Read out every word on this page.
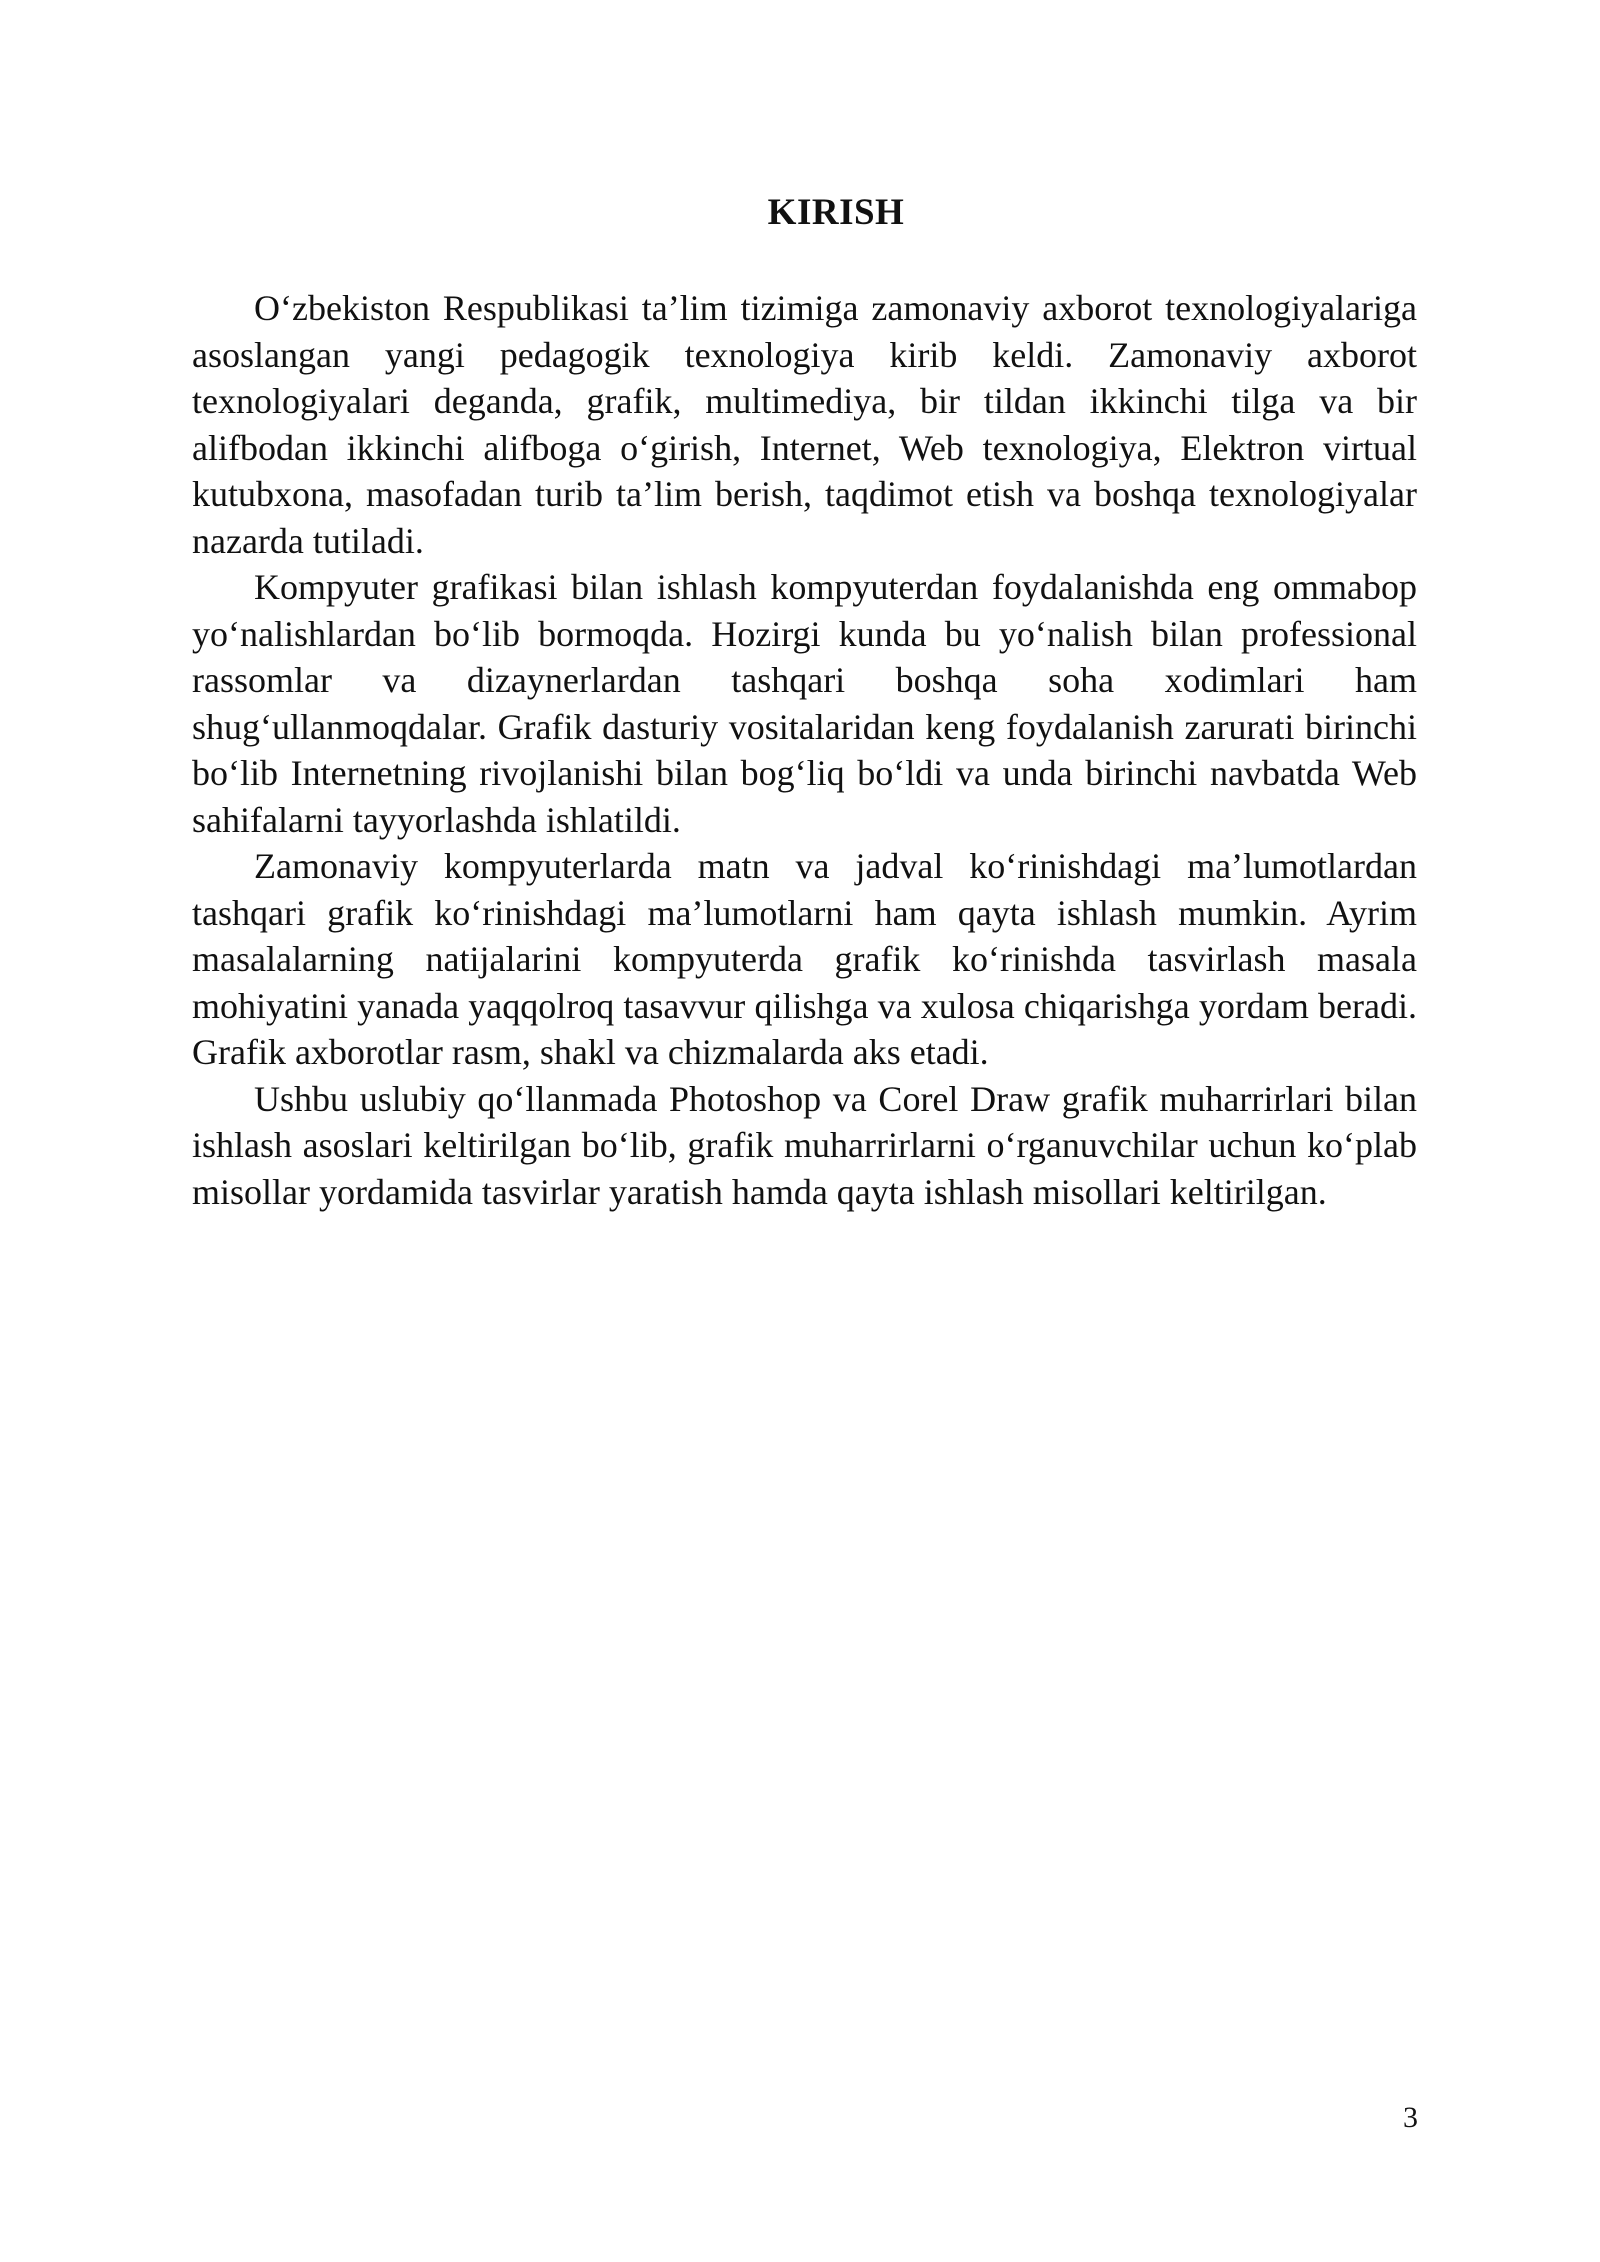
KIRISH

O‘zbekiston Respublikasi ta’lim tizimiga zamonaviy axborot texnologiyalariga asoslangan yangi pedagogik texnologiya kirib keldi. Zamonaviy axborot texnologiyalari deganda, grafik, multimediya, bir tildan ikkinchi tilga va bir alifbodan ikkinchi alifboga o‘girish, Internet, Web texnologiya, Elektron virtual kutubxona, masofadan turib ta’lim berish, taqdimot etish va boshqa texnologiyalar nazarda tutiladi.

Kompyuter grafikasi bilan ishlash kompyuterdan foydalanishda eng ommabop yo‘nalishlardan bo‘lib bormoqda. Hozirgi kunda bu yo‘nalish bilan professional rassomlar va dizaynerlardan tashqari boshqa soha xodimlari ham shug‘ullanmoqdalar. Grafik dasturiy vositalaridan keng foydalanish zarurati birinchi bo‘lib Internetning rivojlanishi bilan bog‘liq bo‘ldi va unda birinchi navbatda Web sahifalarni tayyorlashda ishlatildi.

Zamonaviy kompyuterlarda matn va jadval ko‘rinishdagi ma’lumotlardan tashqari grafik ko‘rinishdagi ma’lumotlarni ham qayta ishlash mumkin. Ayrim masalalarning natijalarini kompyuterda grafik ko‘rinishda tasvirlash masala mohiyatini yanada yaqqolroq tasavvur qilishga va xulosa chiqarishga yordam beradi. Grafik axborotlar rasm, shakl va chizmalarda aks etadi.

Ushbu uslubiy qo‘llanmada Photoshop va Corel Draw grafik muharrirlari bilan ishlash asoslari keltirilgan bo‘lib, grafik muharrirlarni o‘rganuvchilar uchun ko‘plab misollar yordamida tasvirlar yaratish hamda qayta ishlash misollari keltirilgan.

3
